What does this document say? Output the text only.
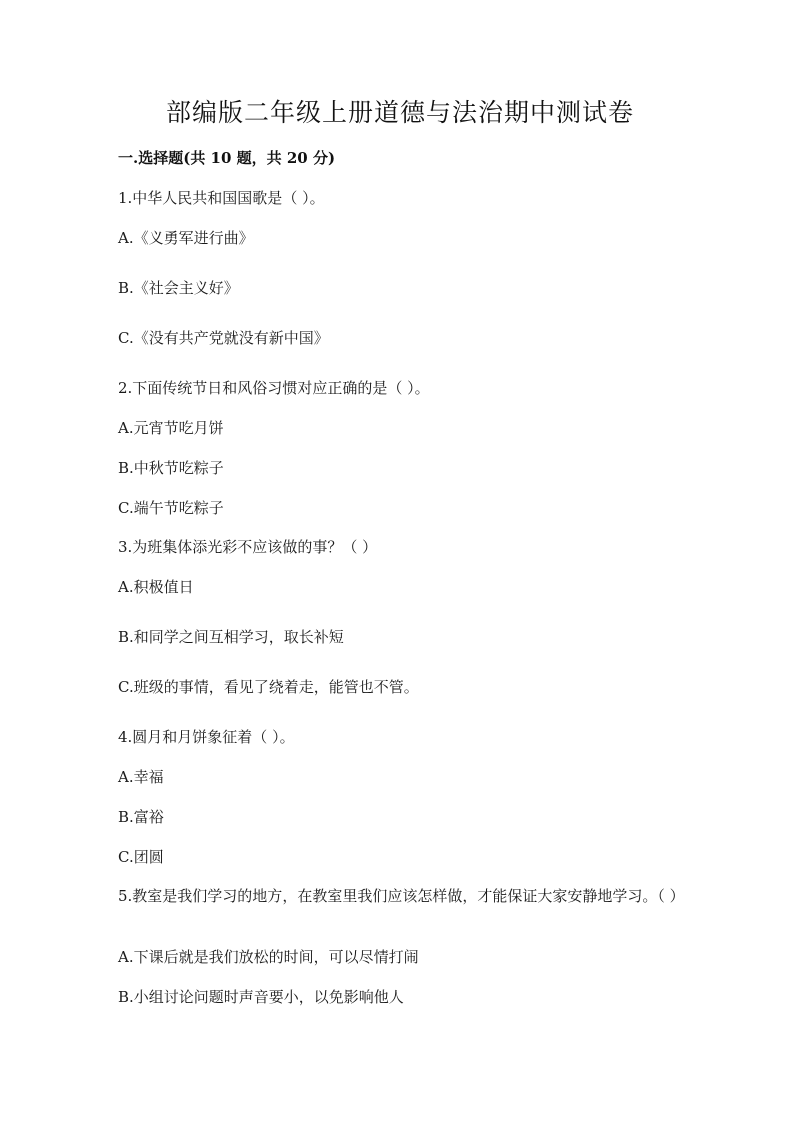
部编版二年级上册道德与法治期中测试卷
一.选择题(共 10 题，共 20 分)
1.中华人民共和国国歌是（ ）。
A.《义勇军进行曲》
B.《社会主义好》
C.《没有共产党就没有新中国》
2.下面传统节日和风俗习惯对应正确的是（ ）。
A.元宵节吃月饼
B.中秋节吃粽子
C.端午节吃粽子
3.为班集体添光彩不应该做的事？（ ）
A.积极值日
B.和同学之间互相学习，取长补短
C.班级的事情，看见了绕着走，能管也不管。
4.圆月和月饼象征着（ ）。
A.幸福
B.富裕
C.团圆
5.教室是我们学习的地方，在教室里我们应该怎样做，才能保证大家安静地学习。（ ）
A.下课后就是我们放松的时间，可以尽情打闹
B.小组讨论问题时声音要小，以免影响他人
